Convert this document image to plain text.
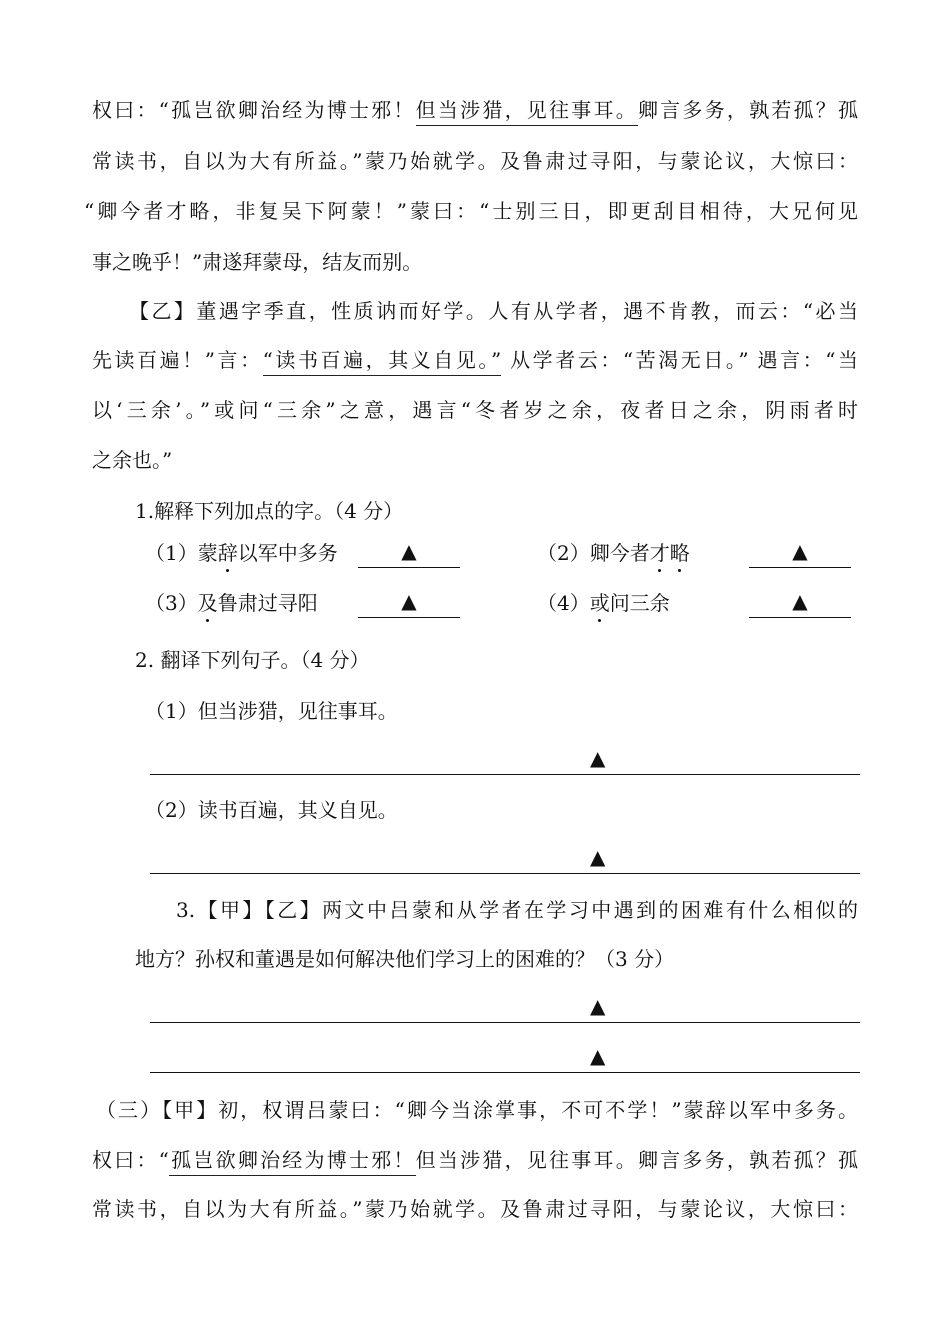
权曰：“孤岂欲卿治经为博士邪！但当涉猎，见往事耳。卿言多务，孰若孤？孤
常读书，自以为大有所益。”蒙乃始就学。及鲁肃过寻阳，与蒙论议，大惊曰：
“卿今者才略，非复吴下阿蒙！”蒙曰：“士别三日，即更刮目相待，大兄何见
事之晚乎！”肃遂拜蒙母，结友而别。
【乙】董遇字季直，性质讷而好学。人有从学者，遇不肯教，而云：“必当
先读百遍！”言：“读书百遍，其义自见。” 从学者云：“苦渴无日。” 遇言：“当
以‘三余’。”或问“三余”之意，遇言“冬者岁之余，夜者日之余，阴雨者时
之余也。”
1.解释下列加点的字。（4 分）
（1）蒙辞以军中多务	▲	（2）卿今者才略	▲
（3）及鲁肃过寻阳	▲	（4）或问三余	▲
2. 翻译下列句子。（4 分）
（1）但当涉猎，见往事耳。
▲
（2）读书百遍，其义自见。
▲
3.【甲】【乙】两文中吕蒙和从学者在学习中遇到的困难有什么相似的
地方？孙权和董遇是如何解决他们学习上的困难的？（3 分）
▲
▲
（三）【甲】初，权谓吕蒙曰：“卿今当涂掌事，不可不学！”蒙辞以军中多务。
权曰：“孤岂欲卿治经为博士邪！但当涉猎，见往事耳。卿言多务，孰若孤？孤
常读书，自以为大有所益。”蒙乃始就学。及鲁肃过寻阳，与蒙论议，大惊曰：
